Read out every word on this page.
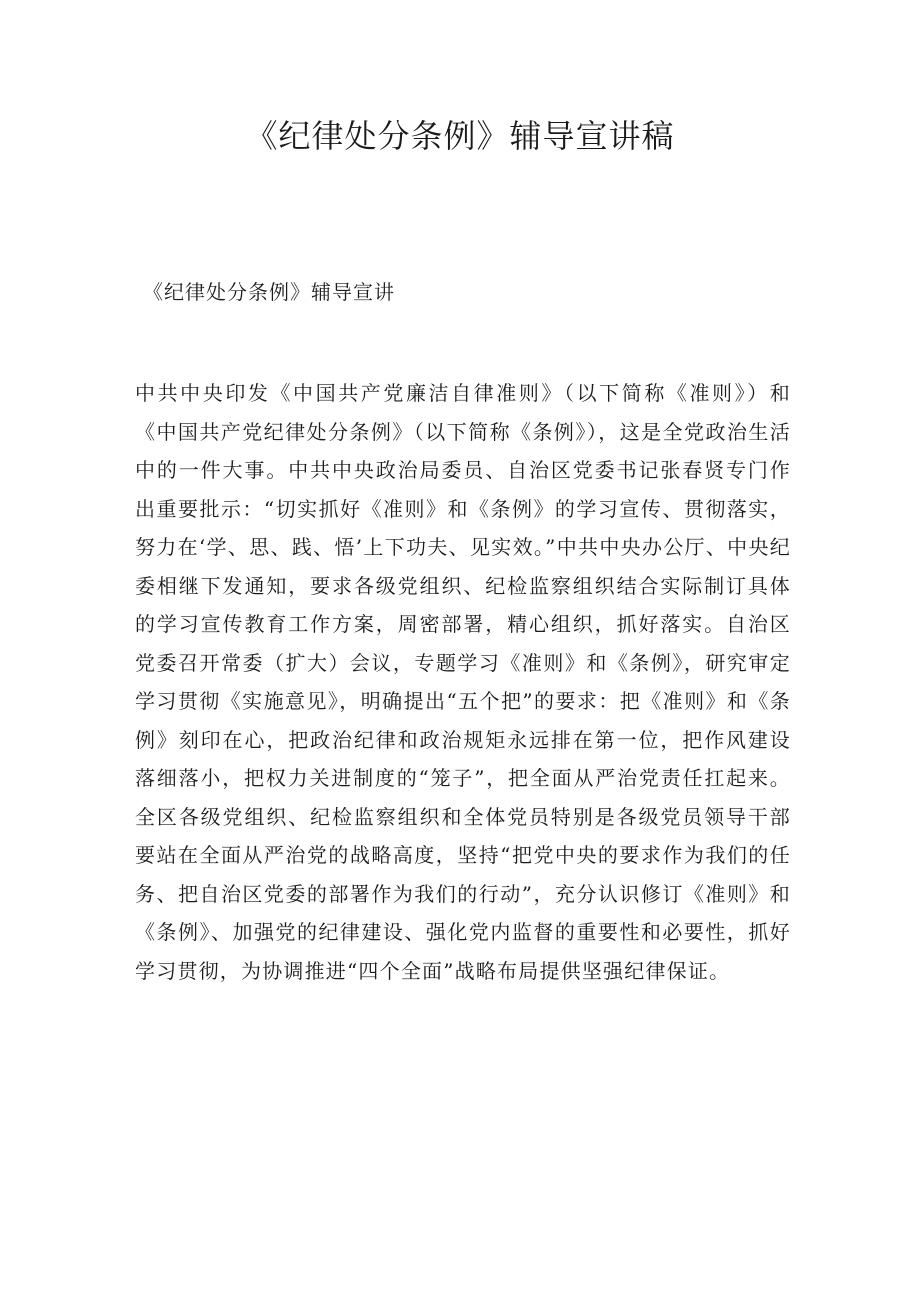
《纪律处分条例》辅导宣讲稿

《纪律处分条例》辅导宣讲

中共中央印发《中国共产党廉洁自律准则》（以下简称《准则》）和《中国共产党纪律处分条例》（以下简称《条例》），这是全党政治生活中的一件大事。中共中央政治局委员、自治区党委书记张春贤专门作出重要批示：“切实抓好《准则》和《条例》的学习宣传、贯彻落实，努力在‘学、思、践、悟’上下功夫、见实效。”中共中央办公厅、中央纪委相继下发通知，要求各级党组织、纪检监察组织结合实际制订具体的学习宣传教育工作方案，周密部署，精心组织，抓好落实。自治区党委召开常委（扩大）会议，专题学习《准则》和《条例》，研究审定学习贯彻《实施意见》，明确提出“五个把”的要求：把《准则》和《条例》刻印在心，把政治纪律和政治规矩永远排在第一位，把作风建设落细落小，把权力关进制度的“笼子”，把全面从严治党责任扛起来。全区各级党组织、纪检监察组织和全体党员特别是各级党员领导干部要站在全面从严治党的战略高度，坚持“把党中央的要求作为我们的任务、把自治区党委的部署作为我们的行动”，充分认识修订《准则》和《条例》、加强党的纪律建设、强化党内监督的重要性和必要性，抓好学习贯彻，为协调推进“四个全面”战略布局提供坚强纪律保证。
